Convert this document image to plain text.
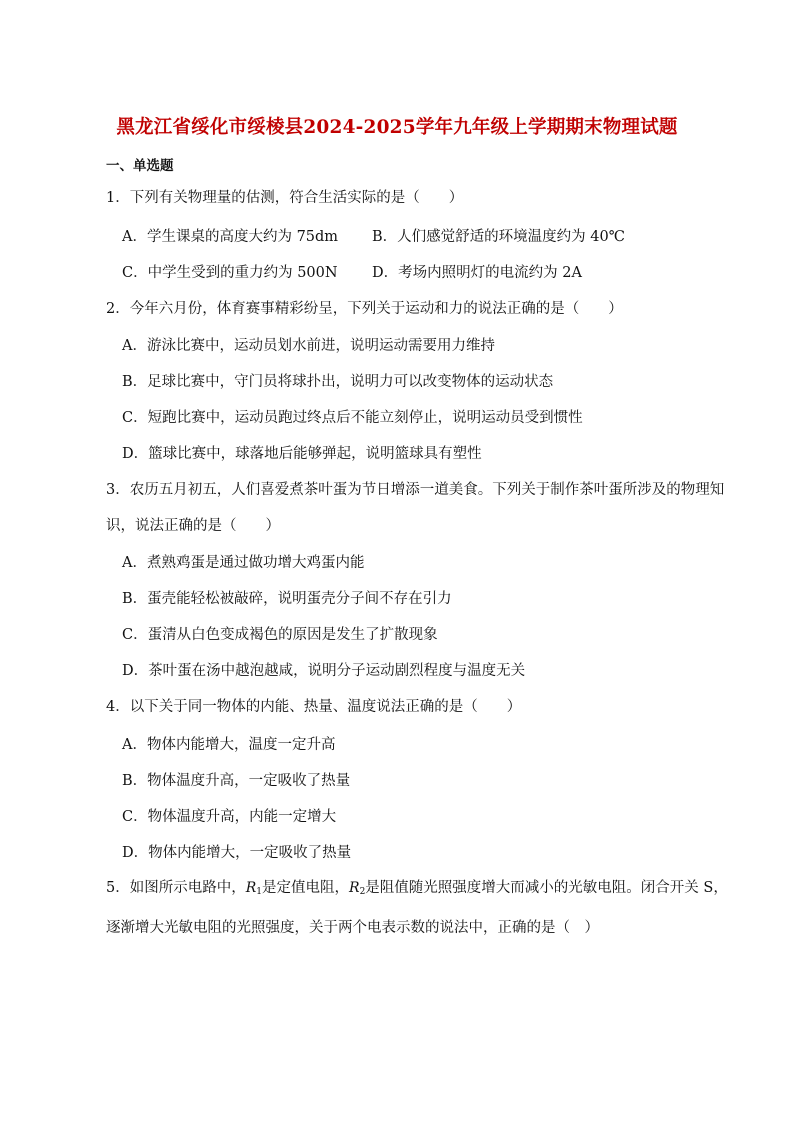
黑龙江省绥化市绥棱县2024-2025学年九年级上学期期末物理试题
一、单选题
1．下列有关物理量的估测，符合生活实际的是（　　）
A．学生课桌的高度大约为 75dm B．人们感觉舒适的环境温度约为 40℃
C．中学生受到的重力约为 500N D．考场内照明灯的电流约为 2A
2．今年六月份，体育赛事精彩纷呈，下列关于运动和力的说法正确的是（　　）
A．游泳比赛中，运动员划水前进，说明运动需要用力维持
B．足球比赛中，守门员将球扑出，说明力可以改变物体的运动状态
C．短跑比赛中，运动员跑过终点后不能立刻停止，说明运动员受到惯性
D．篮球比赛中，球落地后能够弹起，说明篮球具有塑性
3．农历五月初五，人们喜爱煮茶叶蛋为节日增添一道美食。下列关于制作茶叶蛋所涉及的物理知
识，说法正确的是（　　）
A．煮熟鸡蛋是通过做功增大鸡蛋内能
B．蛋壳能轻松被敲碎，说明蛋壳分子间不存在引力
C．蛋清从白色变成褐色的原因是发生了扩散现象
D．茶叶蛋在汤中越泡越咸，说明分子运动剧烈程度与温度无关
4．以下关于同一物体的内能、热量、温度说法正确的是（　　）
A．物体内能增大，温度一定升高
B．物体温度升高，一定吸收了热量
C．物体温度升高，内能一定增大
D．物体内能增大，一定吸收了热量
5．如图所示电路中，$R_1$是定值电阻，$R_2$是阻值随光照强度增大而减小的光敏电阻。闭合开关 S，
逐渐增大光敏电阻的光照强度，关于两个电表示数的说法中，正确的是（　）
